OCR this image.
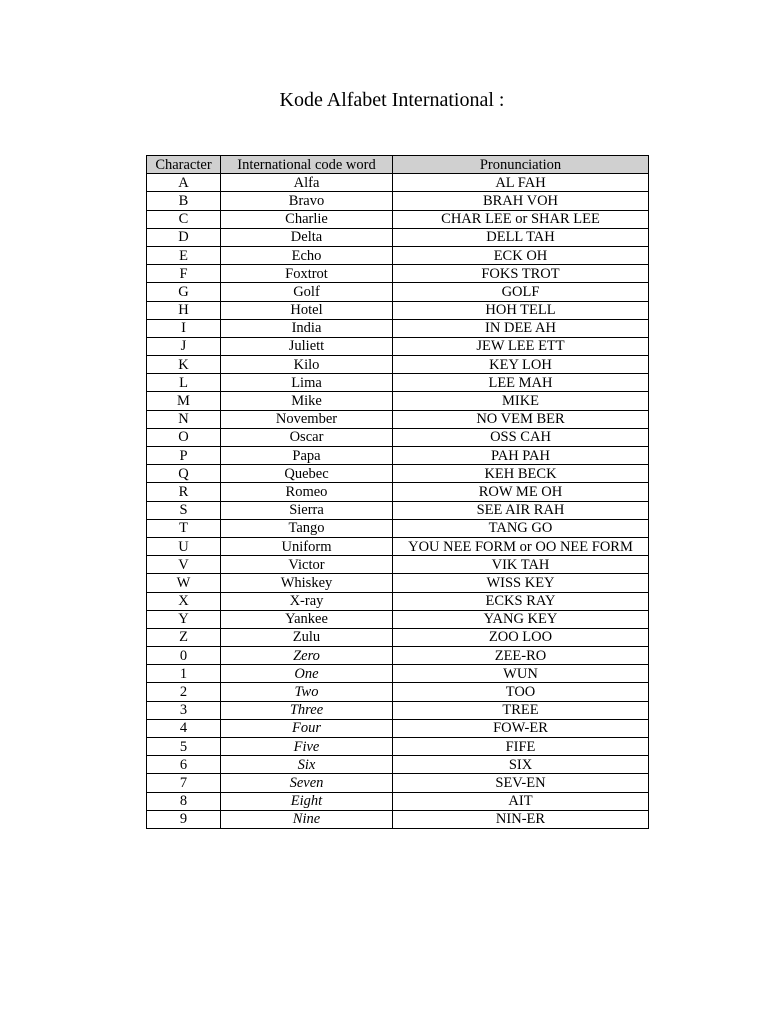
Kode Alfabet International :
Character	International code word	Pronunciation
A	Alfa	AL FAH
B	Bravo	BRAH VOH
C	Charlie	CHAR LEE or SHAR LEE
D	Delta	DELL TAH
E	Echo	ECK OH
F	Foxtrot	FOKS TROT
G	Golf	GOLF
H	Hotel	HOH TELL
I	India	IN DEE AH
J	Juliett	JEW LEE ETT
K	Kilo	KEY LOH
L	Lima	LEE MAH
M	Mike	MIKE
N	November	NO VEM BER
O	Oscar	OSS CAH
P	Papa	PAH PAH
Q	Quebec	KEH BECK
R	Romeo	ROW ME OH
S	Sierra	SEE AIR RAH
T	Tango	TANG GO
U	Uniform	YOU NEE FORM or OO NEE FORM
V	Victor	VIK TAH
W	Whiskey	WISS KEY
X	X-ray	ECKS RAY
Y	Yankee	YANG KEY
Z	Zulu	ZOO LOO
0	Zero	ZEE-RO
1	One	WUN
2	Two	TOO
3	Three	TREE
4	Four	FOW-ER
5	Five	FIFE
6	Six	SIX
7	Seven	SEV-EN
8	Eight	AIT
9	Nine	NIN-ER
